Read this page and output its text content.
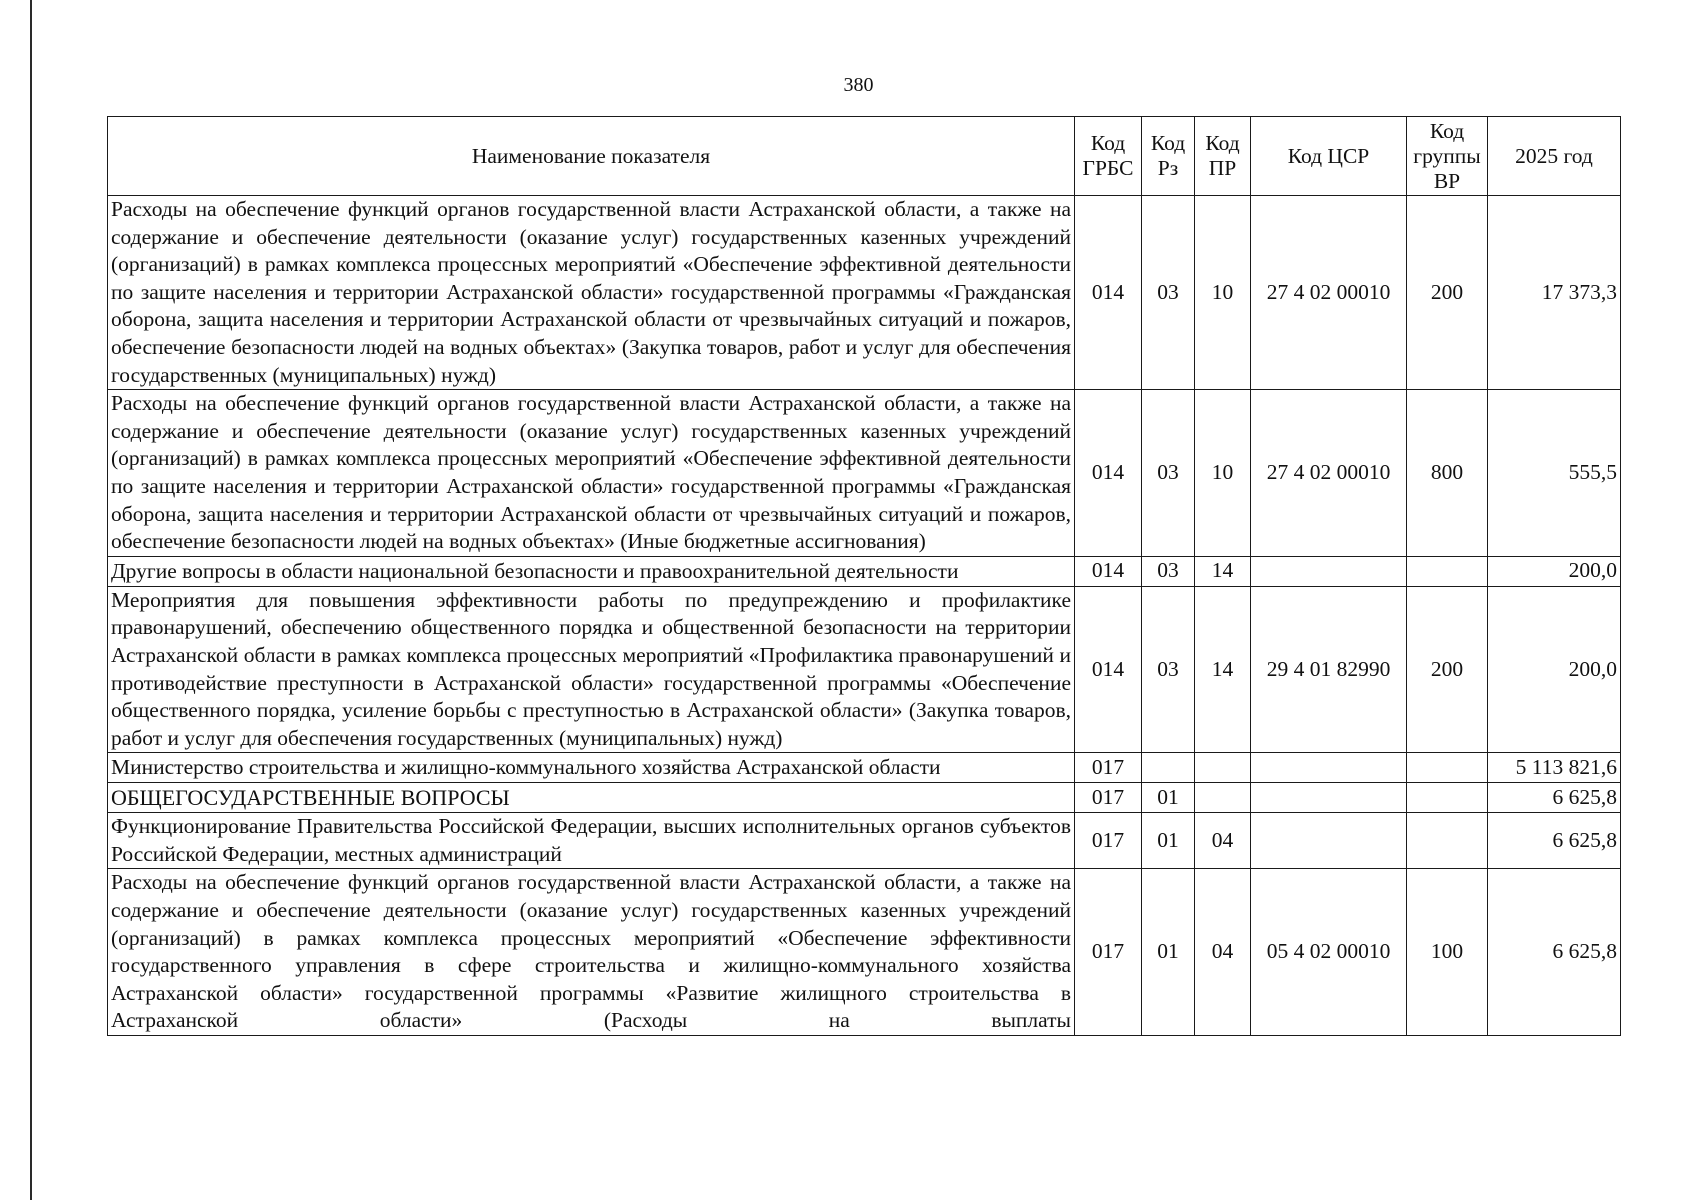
380
Наименование показателя	Код ГРБС	Код Рз	Код ПР	Код ЦСР	Код группы ВР	2025 год
Расходы на обеспечение функций органов государственной власти Астраханской области, а также на содержание и обеспечение деятельности (оказание услуг) государственных казенных учреждений (организаций) в рамках комплекса процессных мероприятий «Обеспечение эффективной деятельности по защите населения и территории Астраханской области» государственной программы «Гражданская оборона, защита населения и территории Астраханской области от чрезвычайных ситуаций и пожаров, обеспечение безопасности людей на водных объектах» (Закупка товаров, работ и услуг для обеспечения государственных (муниципальных) нужд)	014	03	10	27 4 02 00010	200	17 373,3
Расходы на обеспечение функций органов государственной власти Астраханской области, а также на содержание и обеспечение деятельности (оказание услуг) государственных казенных учреждений (организаций) в рамках комплекса процессных мероприятий «Обеспечение эффективной деятельности по защите населения и территории Астраханской области» государственной программы «Гражданская оборона, защита населения и территории Астраханской области от чрезвычайных ситуаций и пожаров, обеспечение безопасности людей на водных объектах» (Иные бюджетные ассигнования)	014	03	10	27 4 02 00010	800	555,5
Другие вопросы в области национальной безопасности и правоохранительной деятельности	014	03	14			200,0
Мероприятия для повышения эффективности работы по предупреждению и профилактике правонарушений, обеспечению общественного порядка и общественной безопасности на территории Астраханской области в рамках комплекса процессных мероприятий «Профилактика правонарушений и противодействие преступности в Астраханской области» государственной программы «Обеспечение общественного порядка, усиление борьбы с преступностью в Астраханской области» (Закупка товаров, работ и услуг для обеспечения государственных (муниципальных) нужд)	014	03	14	29 4 01 82990	200	200,0
Министерство строительства и жилищно-коммунального хозяйства Астраханской области	017					5 113 821,6
ОБЩЕГОСУДАРСТВЕННЫЕ ВОПРОСЫ	017	01				6 625,8
Функционирование Правительства Российской Федерации, высших исполнительных органов субъектов Российской Федерации, местных администраций	017	01	04			6 625,8
Расходы на обеспечение функций органов государственной власти Астраханской области, а также на содержание и обеспечение деятельности (оказание услуг) государственных казенных учреждений (организаций) в рамках комплекса процессных мероприятий «Обеспечение эффективности государственного управления в сфере строительства и жилищно-коммунального хозяйства Астраханской области» государственной программы «Развитие жилищного строительства в Астраханской области» (Расходы на выплаты	017	01	04	05 4 02 00010	100	6 625,8
